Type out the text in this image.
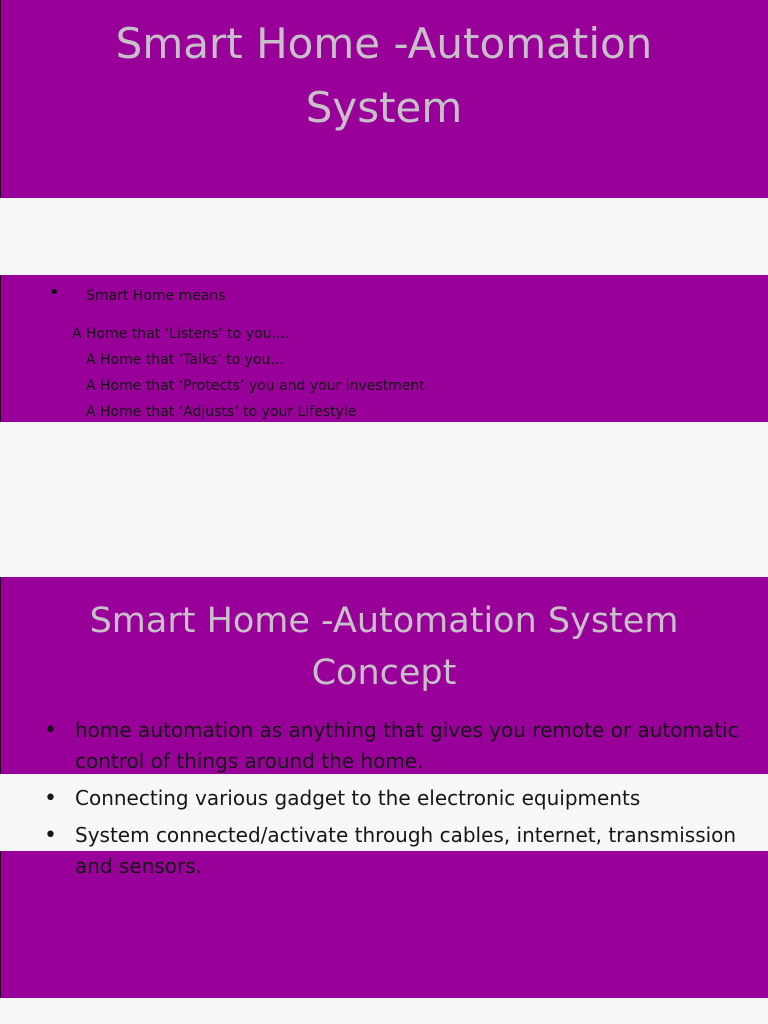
Smart Home -Automation
System
• Smart Home means
A Home that ‘Listens’ to you....
A Home that ‘Talks’ to you...
A Home that ‘Protects’ you and your investment
A Home that ’Adjusts’ to your Lifestyle
Smart Home -Automation System
Concept
• home automation as anything that gives you remote or automatic control of things around the home.
• Connecting various gadget to the electronic equipments
• System connected/activate through cables, internet, transmission and sensors.
